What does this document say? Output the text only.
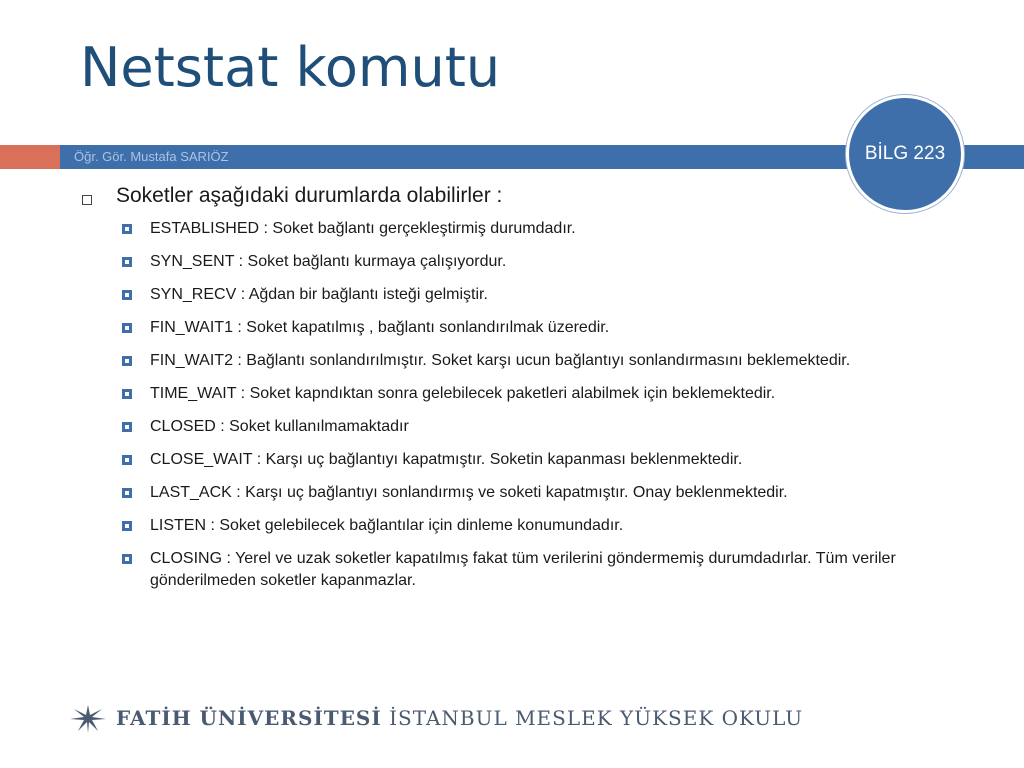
Netstat komutu
Öğr. Gör. Mustafa SARIÖZ	BİLG 223
Soketler aşağıdaki durumlarda olabilirler :
ESTABLISHED : Soket bağlantı gerçekleştirmiş durumdadır.
SYN_SENT : Soket bağlantı kurmaya çalışıyordur.
SYN_RECV : Ağdan bir bağlantı isteği gelmiştir.
FIN_WAIT1 : Soket kapatılmış , bağlantı sonlandırılmak üzeredir.
FIN_WAIT2 : Bağlantı sonlandırılmıştır. Soket karşı ucun bağlantıyı sonlandırmasını beklemektedir.
TIME_WAIT : Soket kapndıktan sonra gelebilecek paketleri alabilmek için beklemektedir.
CLOSED : Soket kullanılmamaktadır
CLOSE_WAIT : Karşı uç bağlantıyı kapatmıştır. Soketin kapanması beklenmektedir.
LAST_ACK : Karşı uç bağlantıyı sonlandırmış ve soketi kapatmıştır. Onay beklenmektedir.
LISTEN : Soket gelebilecek bağlantılar için dinleme konumundadır.
CLOSING : Yerel ve uzak soketler kapatılmış fakat tüm verilerini göndermemiş durumdadırlar. Tüm veriler gönderilmeden soketler kapanmazlar.
FATİH ÜNİVERSİTESİ İSTANBUL MESLEK YÜKSEK OKULU
